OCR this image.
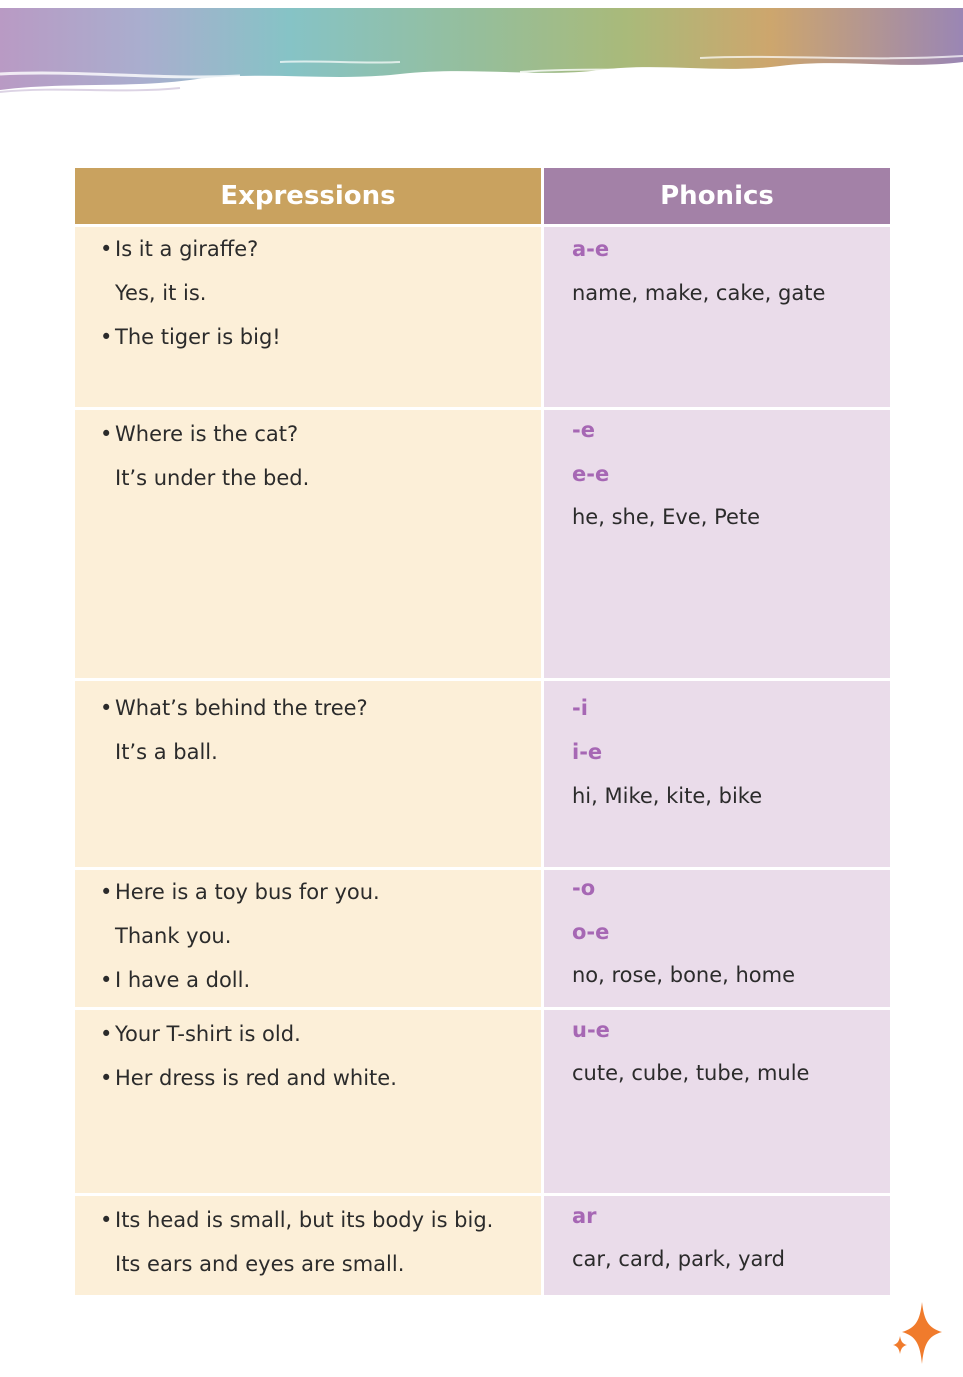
Expressions	Phonics
• Is it a giraffe?
Yes, it is.
• The tiger is big!
a-e
name, make, cake, gate
• Where is the cat?
It’s under the bed.
-e
e-e
he, she, Eve, Pete
• What’s behind the tree?
It’s a ball.
-i
i-e
hi, Mike, kite, bike
• Here is a toy bus for you.
Thank you.
• I have a doll.
-o
o-e
no, rose, bone, home
• Your T-shirt is old.
• Her dress is red and white.
u-e
cute, cube, tube, mule
• Its head is small, but its body is big.
Its ears and eyes are small.
ar
car, card, park, yard
